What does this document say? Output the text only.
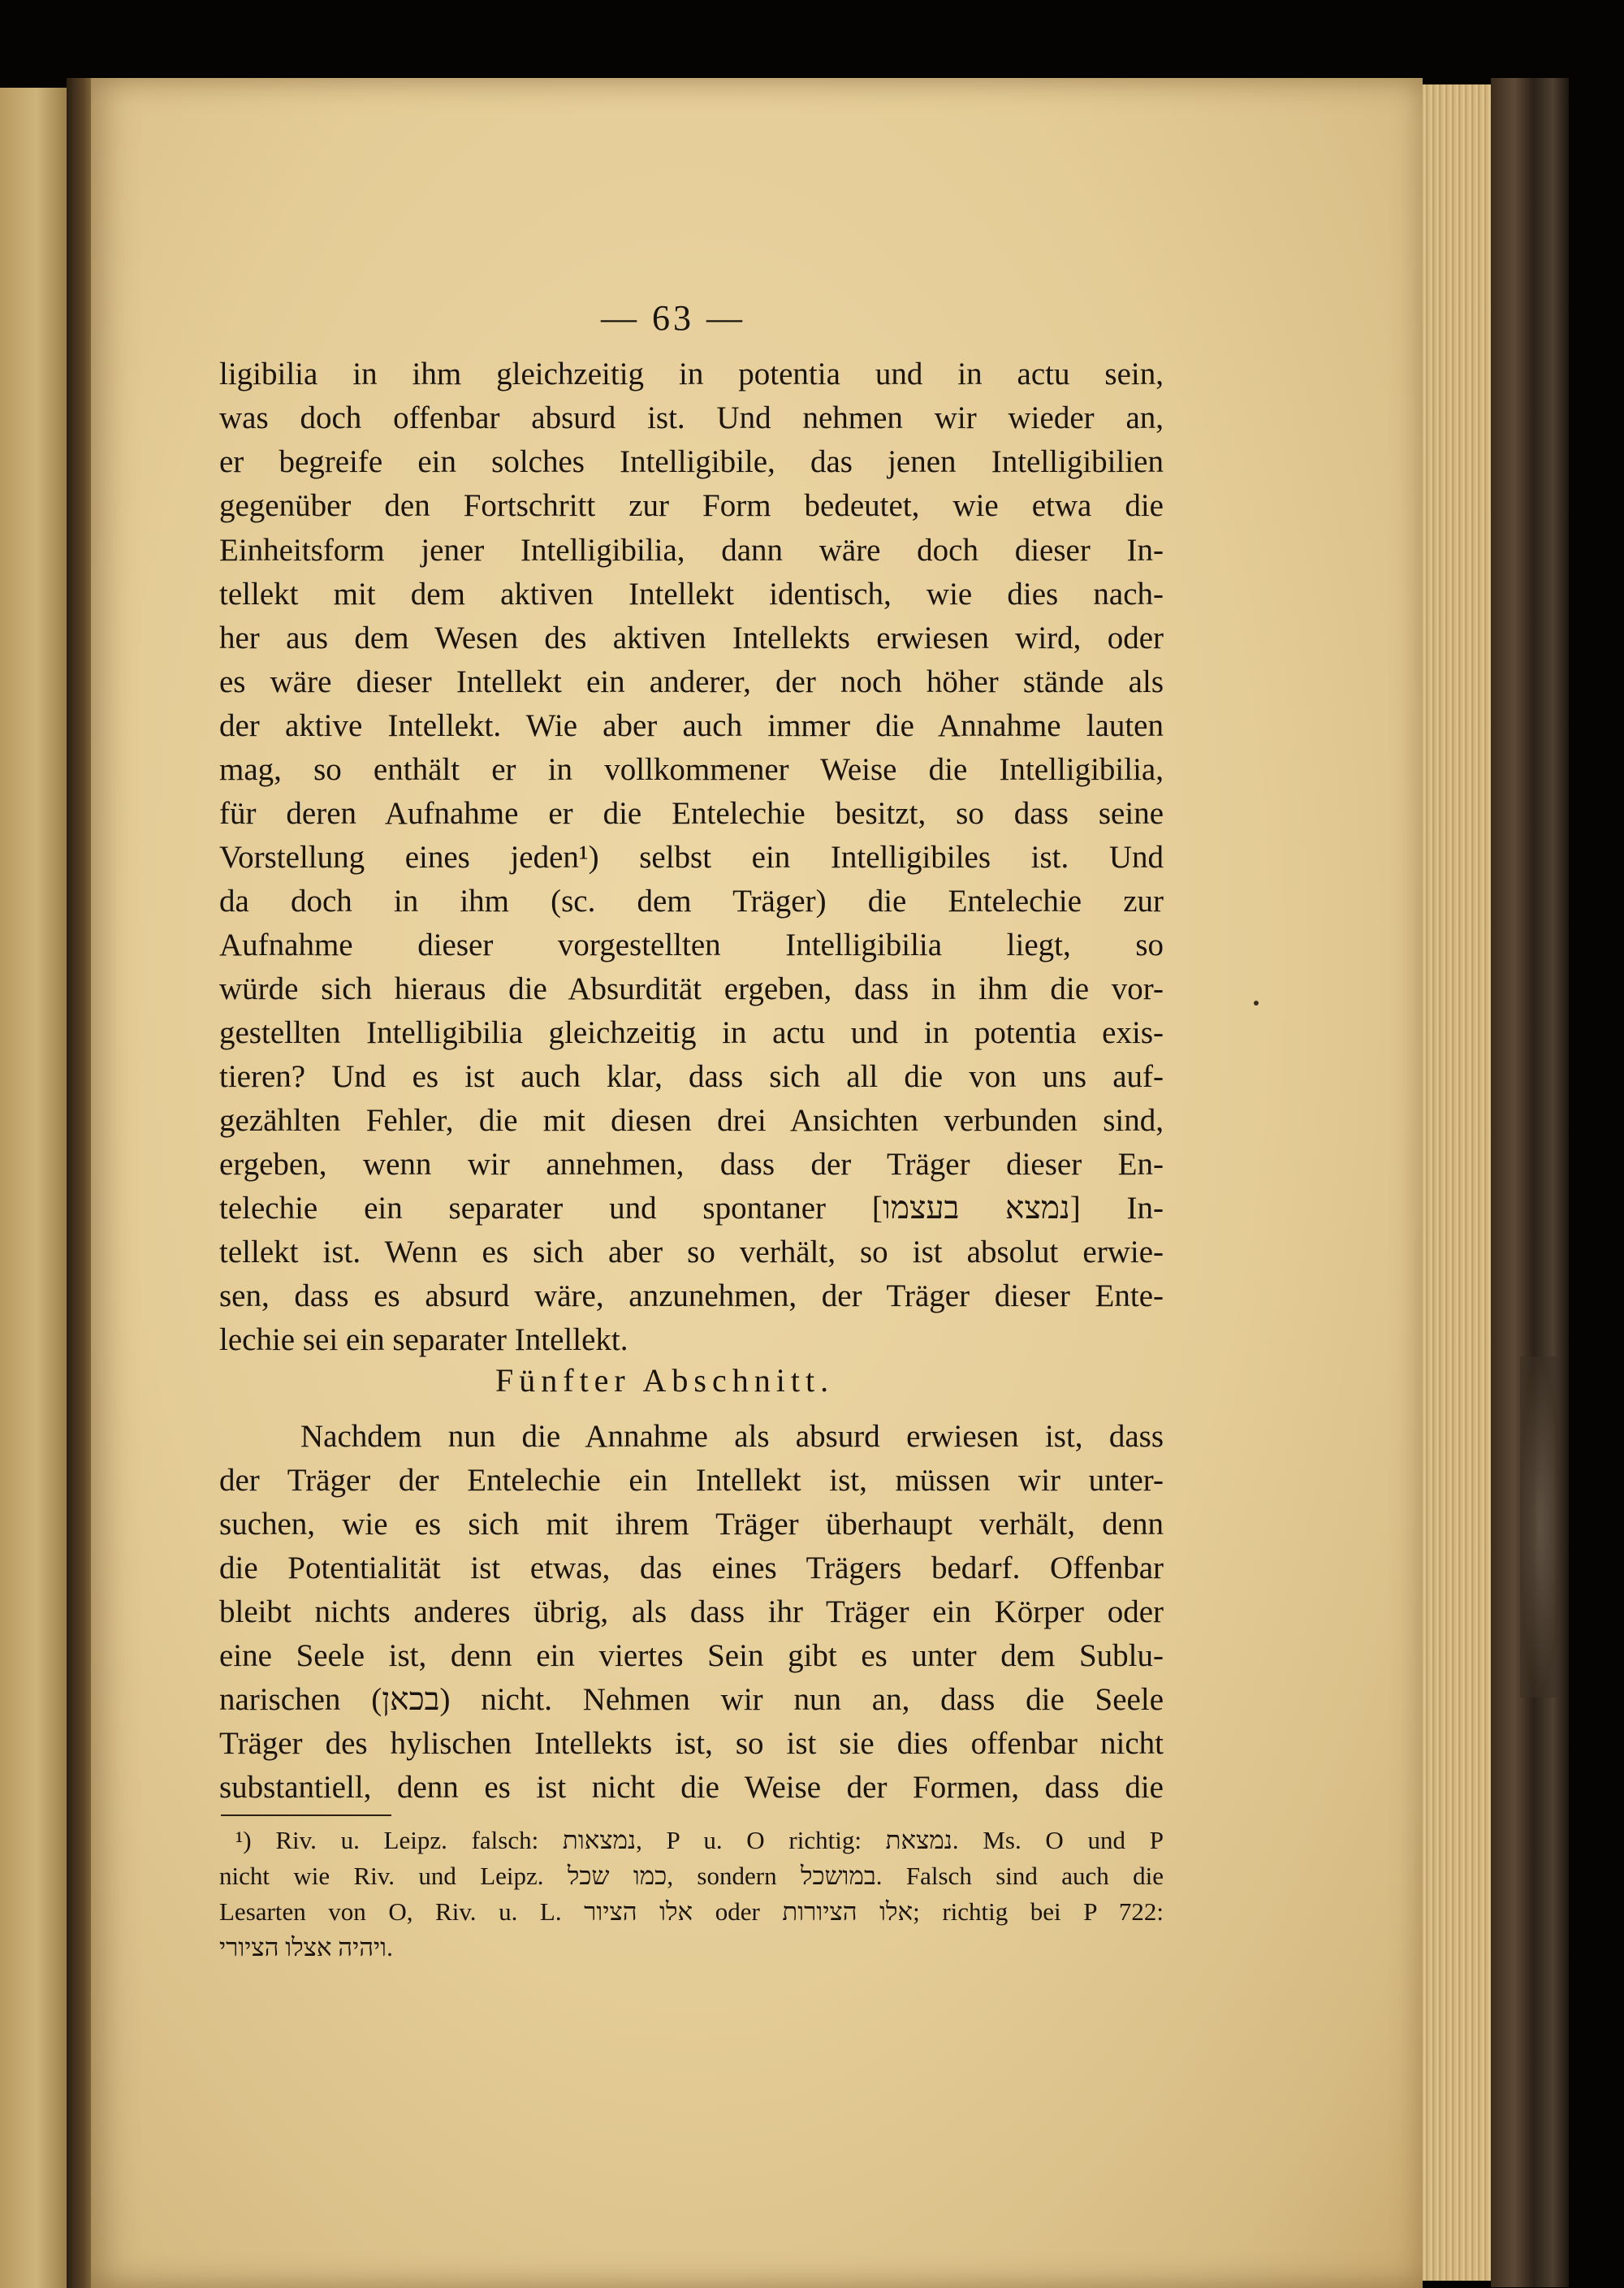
— 63 —
ligibilia in ihm gleichzeitig in potentia und in actu sein,
was doch offenbar absurd ist. Und nehmen wir wieder an,
er begreife ein solches Intelligibile, das jenen Intelligibilien
gegenüber den Fortschritt zur Form bedeutet, wie etwa die
Einheitsform jener Intelligibilia, dann wäre doch dieser In-
tellekt mit dem aktiven Intellekt identisch, wie dies nach-
her aus dem Wesen des aktiven Intellekts erwiesen wird, oder
es wäre dieser Intellekt ein anderer, der noch höher stände als
der aktive Intellekt. Wie aber auch immer die Annahme lauten
mag, so enthält er in vollkommener Weise die Intelligibilia,
für deren Aufnahme er die Entelechie besitzt, so dass seine
Vorstellung eines jeden¹) selbst ein Intelligibiles ist. Und
da doch in ihm (sc. dem Träger) die Entelechie zur
Aufnahme dieser vorgestellten Intelligibilia liegt, so
würde sich hieraus die Absurdität ergeben, dass in ihm die vor-
gestellten Intelligibilia gleichzeitig in actu und in potentia exis-
tieren? Und es ist auch klar, dass sich all die von uns auf-
gezählten Fehler, die mit diesen drei Ansichten verbunden sind,
ergeben, wenn wir annehmen, dass der Träger dieser En-
telechie ein separater und spontaner [נמצא בעצמו] In-
tellekt ist. Wenn es sich aber so verhält, so ist absolut erwie-
sen, dass es absurd wäre, anzunehmen, der Träger dieser Ente-
lechie sei ein separater Intellekt.
Fünfter Abschnitt.
Nachdem nun die Annahme als absurd erwiesen ist, dass
der Träger der Entelechie ein Intellekt ist, müssen wir unter-
suchen, wie es sich mit ihrem Träger überhaupt verhält, denn
die Potentialität ist etwas, das eines Trägers bedarf. Offenbar
bleibt nichts anderes übrig, als dass ihr Träger ein Körper oder
eine Seele ist, denn ein viertes Sein gibt es unter dem Sublu-
narischen (בכאן) nicht. Nehmen wir nun an, dass die Seele
Träger des hylischen Intellekts ist, so ist sie dies offenbar nicht
substantiell, denn es ist nicht die Weise der Formen, dass die
¹) Riv. u. Leipz. falsch: נמצאות, P u. O richtig: נמצאת. Ms. O und P
nicht wie Riv. und Leipz. כמו שכל, sondern במושכל. Falsch sind auch die
Lesarten von O, Riv. u. L. אלו הציור oder אלו הציורות; richtig bei P 722:
ויהיה אצלו הציורי.
